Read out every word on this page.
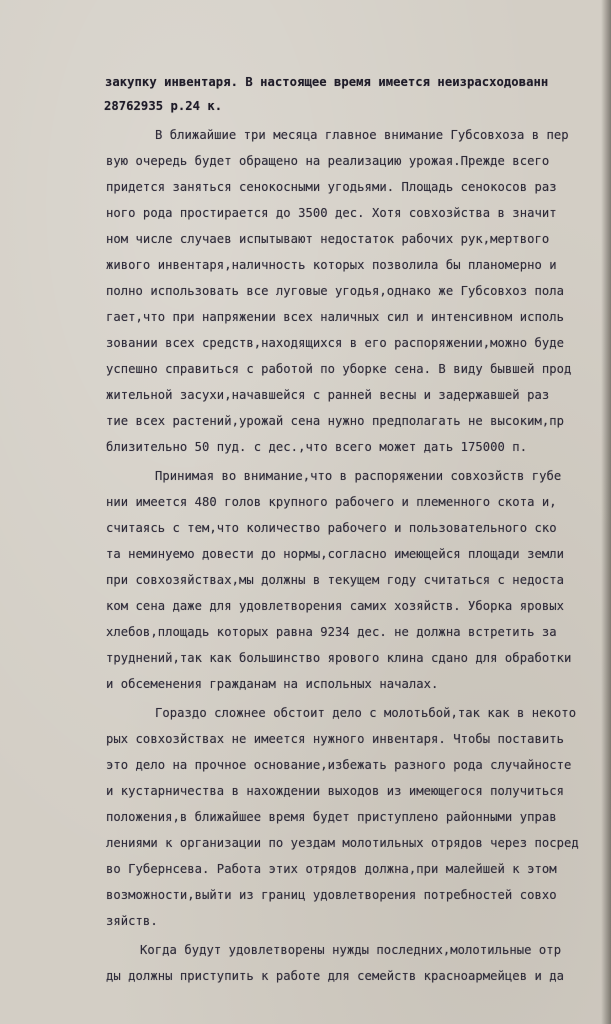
закупку инвентаря. В настоящее время имеется неизрасходованн
28762935 р.24 к.
В ближайшие три месяца главное внимание Губсовхоза в пер
вую очередь будет обращено на реализацию урожая.Прежде всего
придется заняться сенокосными угодьями. Площадь сенокосов раз
ного рода простирается до 3500 дес. Хотя совхозйства в значит
ном числе случаев испытывают недостаток рабочих рук,мертвого
живого инвентаря,наличность которых позволила бы планомерно и
полно использовать все луговые угодья,однако же Губсовхоз пола
гает,что при напряжении всех наличных сил и интенсивном исполь
зовании всех средств,находящихся в его распоряжении,можно буде
успешно справиться с работой по уборке сена. В виду бывшей прод
жительной засухи,начавшейся с ранней весны и задержавшей раз
тие всех растений,урожай сена нужно предполагать не высоким,пр
близительно 50 пуд. с дес.,что всего может дать 175000 п.
Принимая во внимание,что в распоряжении совхозйств губе
нии имеется 480 голов крупного рабочего и племенного скота и,
считаясь с тем,что количество рабочего и пользовательного ско
та неминуемо довести до нормы,согласно имеющейся площади земли
при совхозяйствах,мы должны в текущем году считаться с недоста
ком сена даже для удовлетворения самих хозяйств. Уборка яровых
хлебов,площадь которых равна 9234 дес. не должна встретить за
труднений,так как большинство ярового клина сдано для обработки
и обсеменения гражданам на испольных началах.
Гораздо сложнее обстоит дело с молотьбой,так как в некото
рых совхозйствах не имеется нужного инвентаря. Чтобы поставить
это дело на прочное основание,избежать разного рода случайносте
и кустарничества в нахождении выходов из имеющегося получиться
положения,в ближайшее время будет приступлено районными управ
лениями к организации по уездам молотильных отрядов через посред
во Губернсева. Работа этих отрядов должна,при малейшей к этом
возможности,выйти из границ удовлетворения потребностей совхо
зяйств.
Когда будут удовлетворены нужды последних,молотильные отр
ды должны приступить к работе для семейств красноармейцев и да
